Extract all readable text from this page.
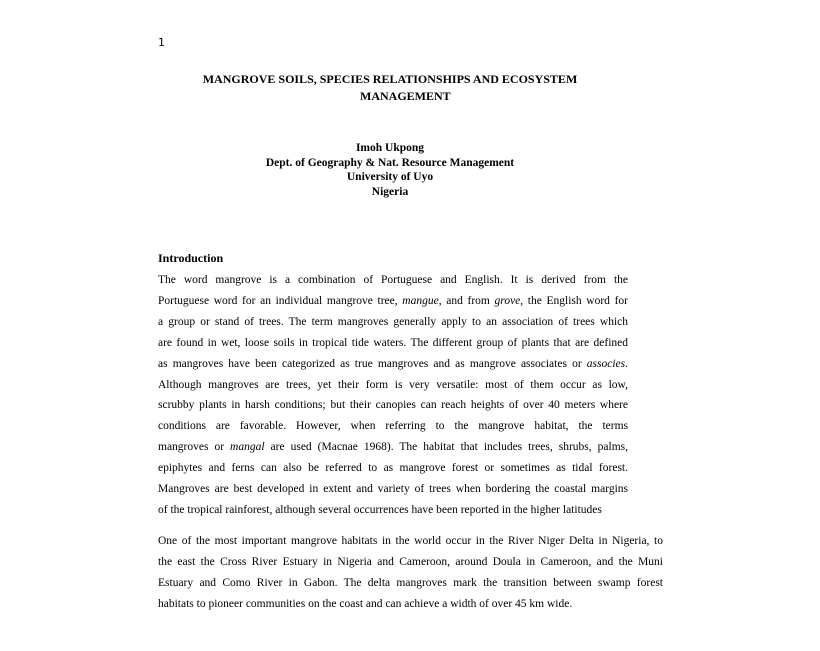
1
MANGROVE SOILS, SPECIES RELATIONSHIPS AND ECOSYSTEM
MANAGEMENT
Imoh Ukpong
Dept. of Geography & Nat. Resource Management
University of Uyo
Nigeria
Introduction
The word mangrove is a combination of Portuguese and English. It is derived from the
Portuguese word for an individual mangrove tree, mangue, and from grove, the English word for
a group or stand of trees. The term mangroves generally apply to an association of trees which
are found in wet, loose soils in tropical tide waters. The different group of plants that are defined
as mangroves have been categorized as true mangroves and as mangrove associates or associes.
Although mangroves are trees, yet their form is very versatile: most of them occur as low,
scrubby plants in harsh conditions; but their canopies can reach heights of over 40 meters where
conditions are favorable. However, when referring to the mangrove habitat, the terms
mangroves or mangal are used (Macnae 1968). The habitat that includes trees, shrubs, palms,
epiphytes and ferns can also be referred to as mangrove forest or sometimes as tidal forest.
Mangroves are best developed in extent and variety of trees when bordering the coastal margins
of the tropical rainforest, although several occurrences have been reported in the higher latitudes
One of the most important mangrove habitats in the world occur in the River Niger Delta in Nigeria, to
the east the Cross River Estuary in Nigeria and Cameroon, around Doula in Cameroon, and the Muni
Estuary and Como River in Gabon. The delta mangroves mark the transition between swamp forest
habitats to pioneer communities on the coast and can achieve a width of over 45 km wide.
